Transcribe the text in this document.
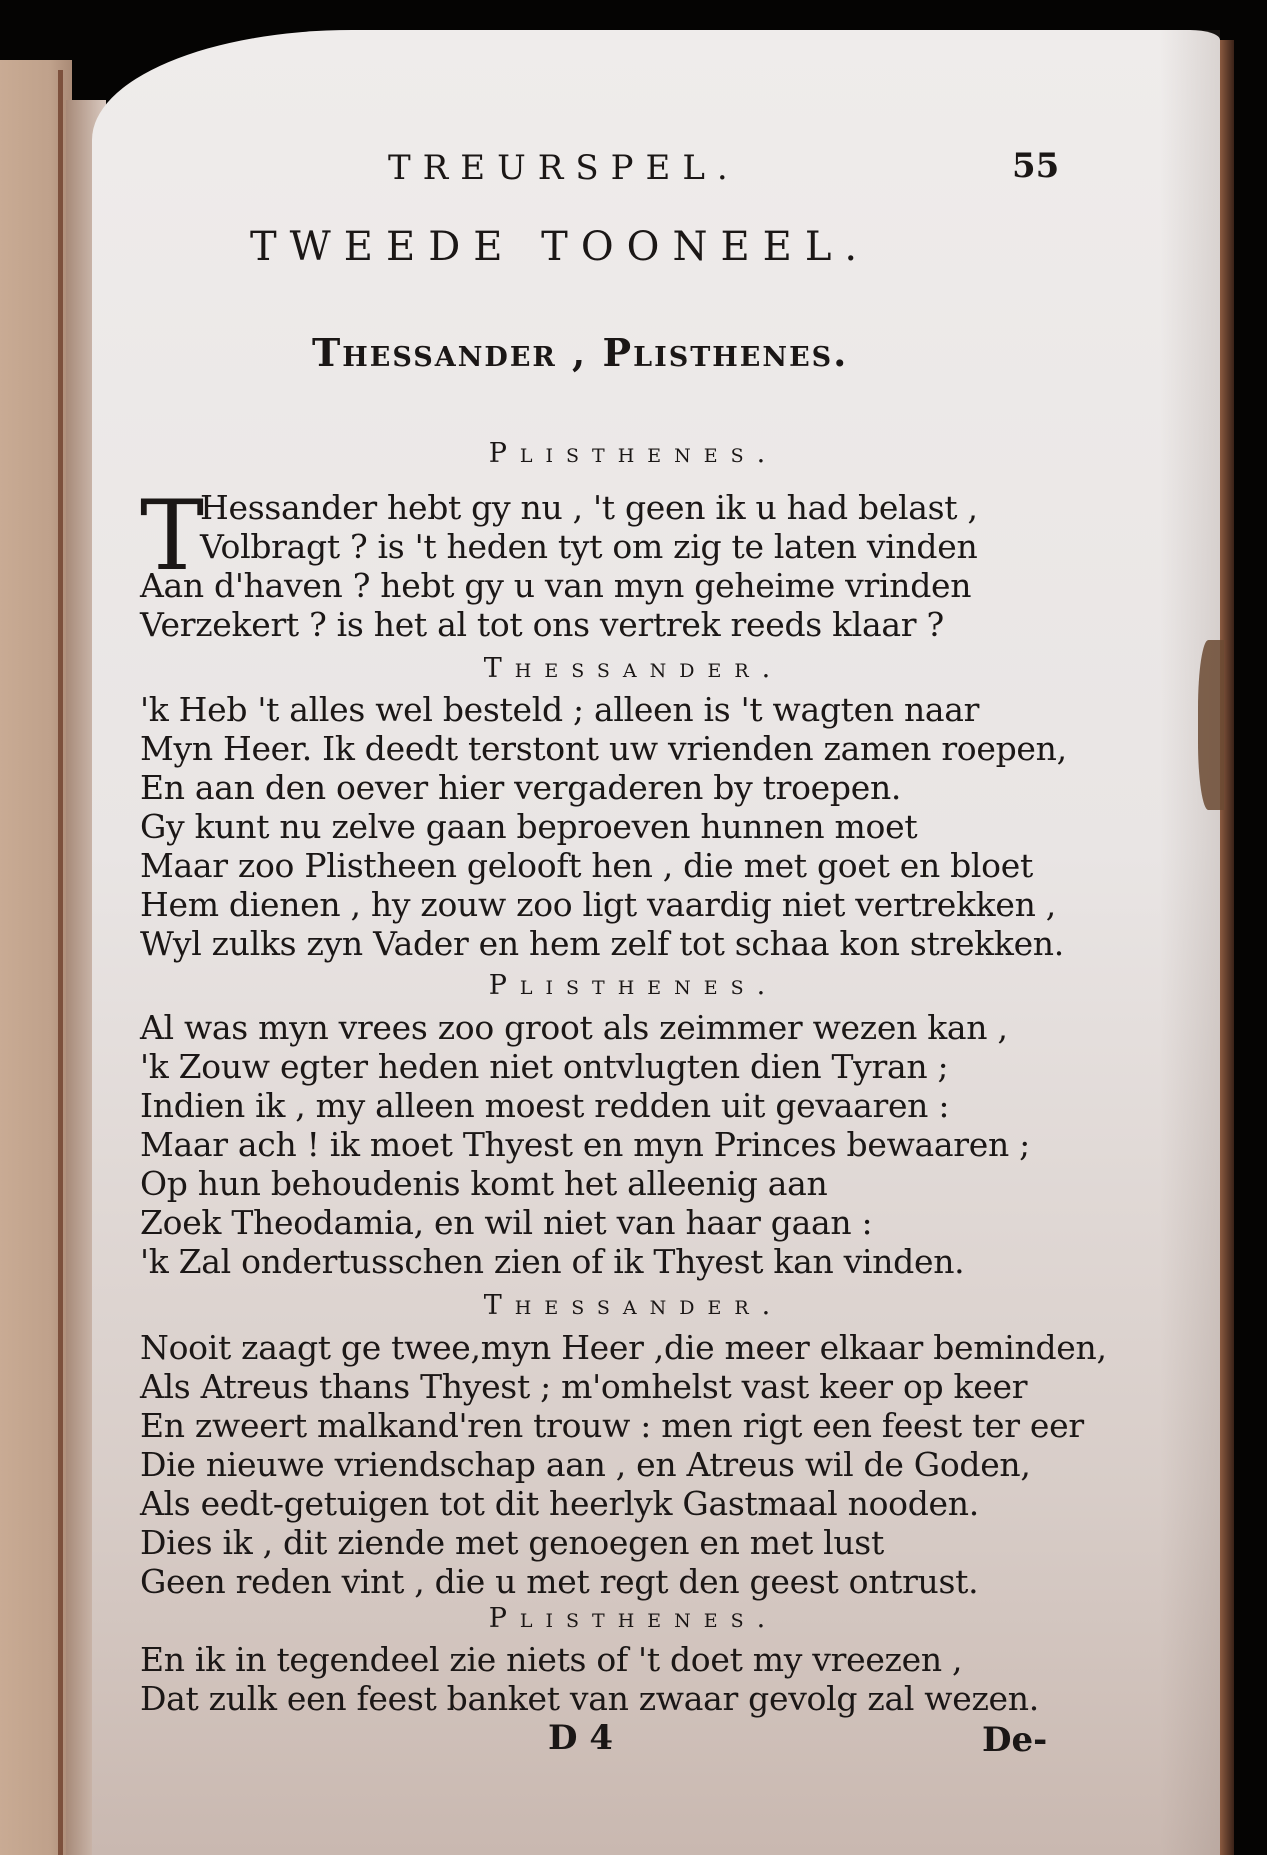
TREURSPEL.	55
TWEEDE TOONEEL.
Thessander , Plisthenes.
Plisthenes.
T
Hessander hebt gy nu , 't geen ik u had belast ,
Volbragt ? is 't heden tyt om zig te laten vinden
Aan d'haven ? hebt gy u van myn geheime vrinden
Verzekert ? is het al tot ons vertrek reeds klaar ?
Thessander.
'k Heb 't alles wel besteld ; alleen is 't wagten naar
Myn Heer. Ik deedt terstont uw vrienden zamen roepen,
En aan den oever hier vergaderen by troepen.
Gy kunt nu zelve gaan beproeven hunnen moet
Maar zoo Plistheen gelooft hen , die met goet en bloet
Hem dienen , hy zouw zoo ligt vaardig niet vertrekken ,
Wyl zulks zyn Vader en hem zelf tot schaa kon strekken.
Plisthenes.
Al was myn vrees zoo groot als zeimmer wezen kan ,
'k Zouw egter heden niet ontvlugten dien Tyran ;
Indien ik , my alleen moest redden uit gevaaren :
Maar ach ! ik moet Thyest en myn Princes bewaaren ;
Op hun behoudenis komt het alleenig aan
Zoek Theodamia, en wil niet van haar gaan :
'k Zal ondertusschen zien of ik Thyest kan vinden.
Thessander.
Nooit zaagt ge twee,myn Heer ,die meer elkaar beminden,
Als Atreus thans Thyest ; m'omhelst vast keer op keer
En zweert malkand'ren trouw : men rigt een feest ter eer
Die nieuwe vriendschap aan , en Atreus wil de Goden,
Als eedt-getuigen tot dit heerlyk Gastmaal nooden.
Dies ik , dit ziende met genoegen en met lust
Geen reden vint , die u met regt den geest ontrust.
Plisthenes.
En ik in tegendeel zie niets of 't doet my vreezen ,
Dat zulk een feest banket van zwaar gevolg zal wezen.
D 4	De-
